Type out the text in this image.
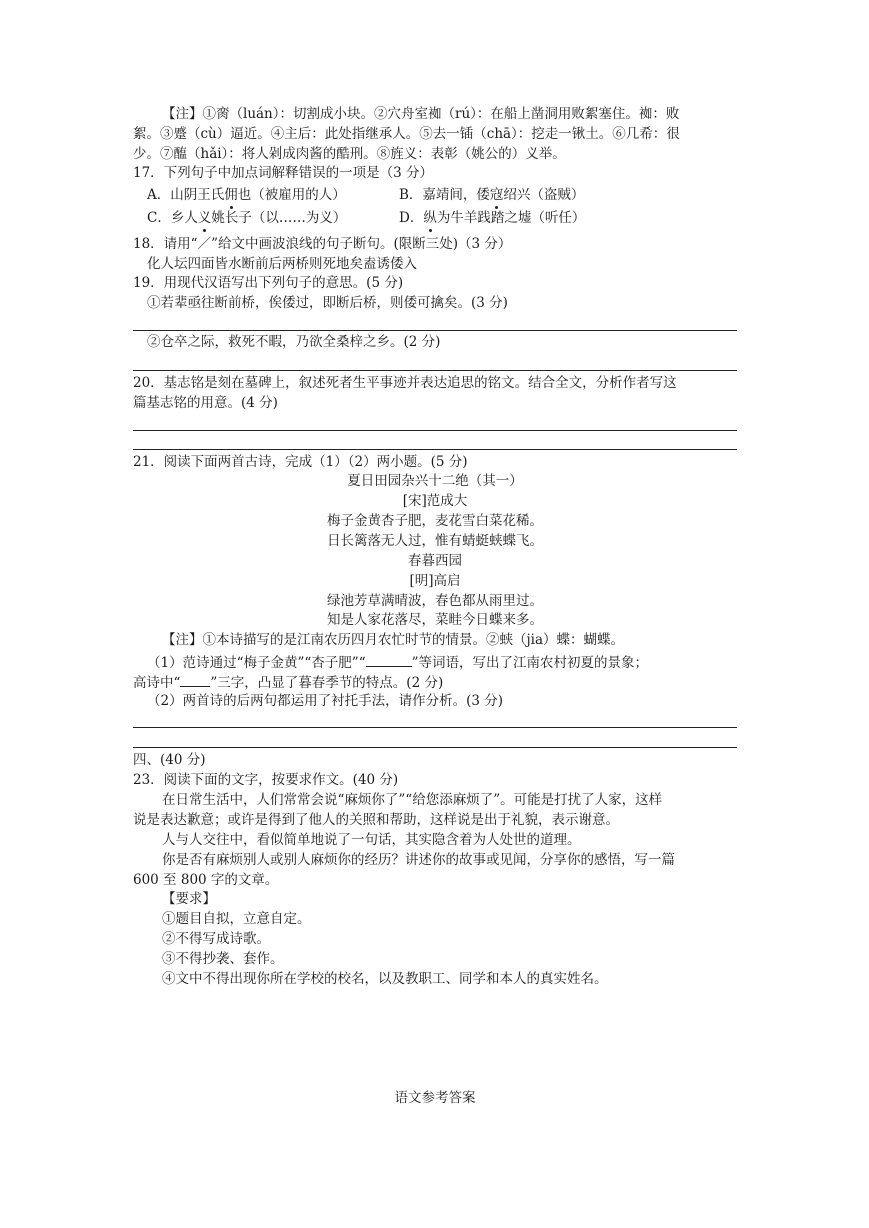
【注】①脔（luán）：切割成小块。②穴舟室袽（rú）：在船上凿洞用败絮塞住。袽：败
絮。③蹙（cù）逼近。④主后：此处指继承人。⑤去一锸（chā）：挖走一锹土。⑥几希：很
少。⑦醢（hǎi）：将人剁成肉酱的酷刑。⑧旌义：表彰（姚公的）义举。
17．下列句子中加点词解释错误的一项是（3 分）
A．山阴王氏佣也（被雇用的人）	B．嘉靖间，倭寇绍兴（盗贼）
C．乡人义姚长子（以……为义）	D．纵为牛羊践踏之墟（听任）
18．请用“／”给文中画波浪线的句子断句。(限断三处)（3 分）
化人坛四面皆水断前后两桥则死地矣盍诱倭入
19．用现代汉语写出下列句子的意思。(5 分)
①若辈亟往断前桥，俟倭过，即断后桥，则倭可擒矣。(3 分)
②仓卒之际，救死不暇，乃欲全桑梓之乡。(2 分)
20．基志铭是刻在墓碑上，叙述死者生平事迹并表达追思的铭文。结合全文，分析作者写这
篇基志铭的用意。(4 分)
21．阅读下面两首古诗，完成（1）（2）两小题。(5 分)
夏日田园杂兴十二绝（其一）
[宋]范成大
梅子金黄杏子肥，麦花雪白菜花稀。
日长篱落无人过，惟有蜻蜓蛱蝶飞。
春暮西园
[明]高启
绿池芳草满晴波，春色都从雨里过。
知是人家花落尽，菜畦今日蝶来多。
【注】①本诗描写的是江南农历四月农忙时节的情景。②蛱（jia）蝶：蝴蝶。
（1）范诗通过“梅子金黄”“杏子肥”“	”等词语，写出了江南农村初夏的景象；
高诗中“ ”三字，凸显了暮春季节的特点。(2 分)
（2）两首诗的后两句都运用了衬托手法，请作分析。(3 分)
四、(40 分)
23．阅读下面的文字，按要求作文。(40 分)
在日常生活中，人们常常会说“麻烦你了”“给您添麻烦了”。可能是打扰了人家，这样
说是表达歉意；或许是得到了他人的关照和帮助，这样说是出于礼貌，表示谢意。
人与人交往中，看似简单地说了一句话，其实隐含着为人处世的道理。
你是否有麻烦别人或别人麻烦你的经历？讲述你的故事或见闻，分享你的感悟，写一篇
600 至 800 字的文章。
【要求】
①题目自拟，立意自定。
②不得写成诗歌。
③不得抄袭、套作。
④文中不得出现你所在学校的校名，以及教职工、同学和本人的真实姓名。
语文参考答案
